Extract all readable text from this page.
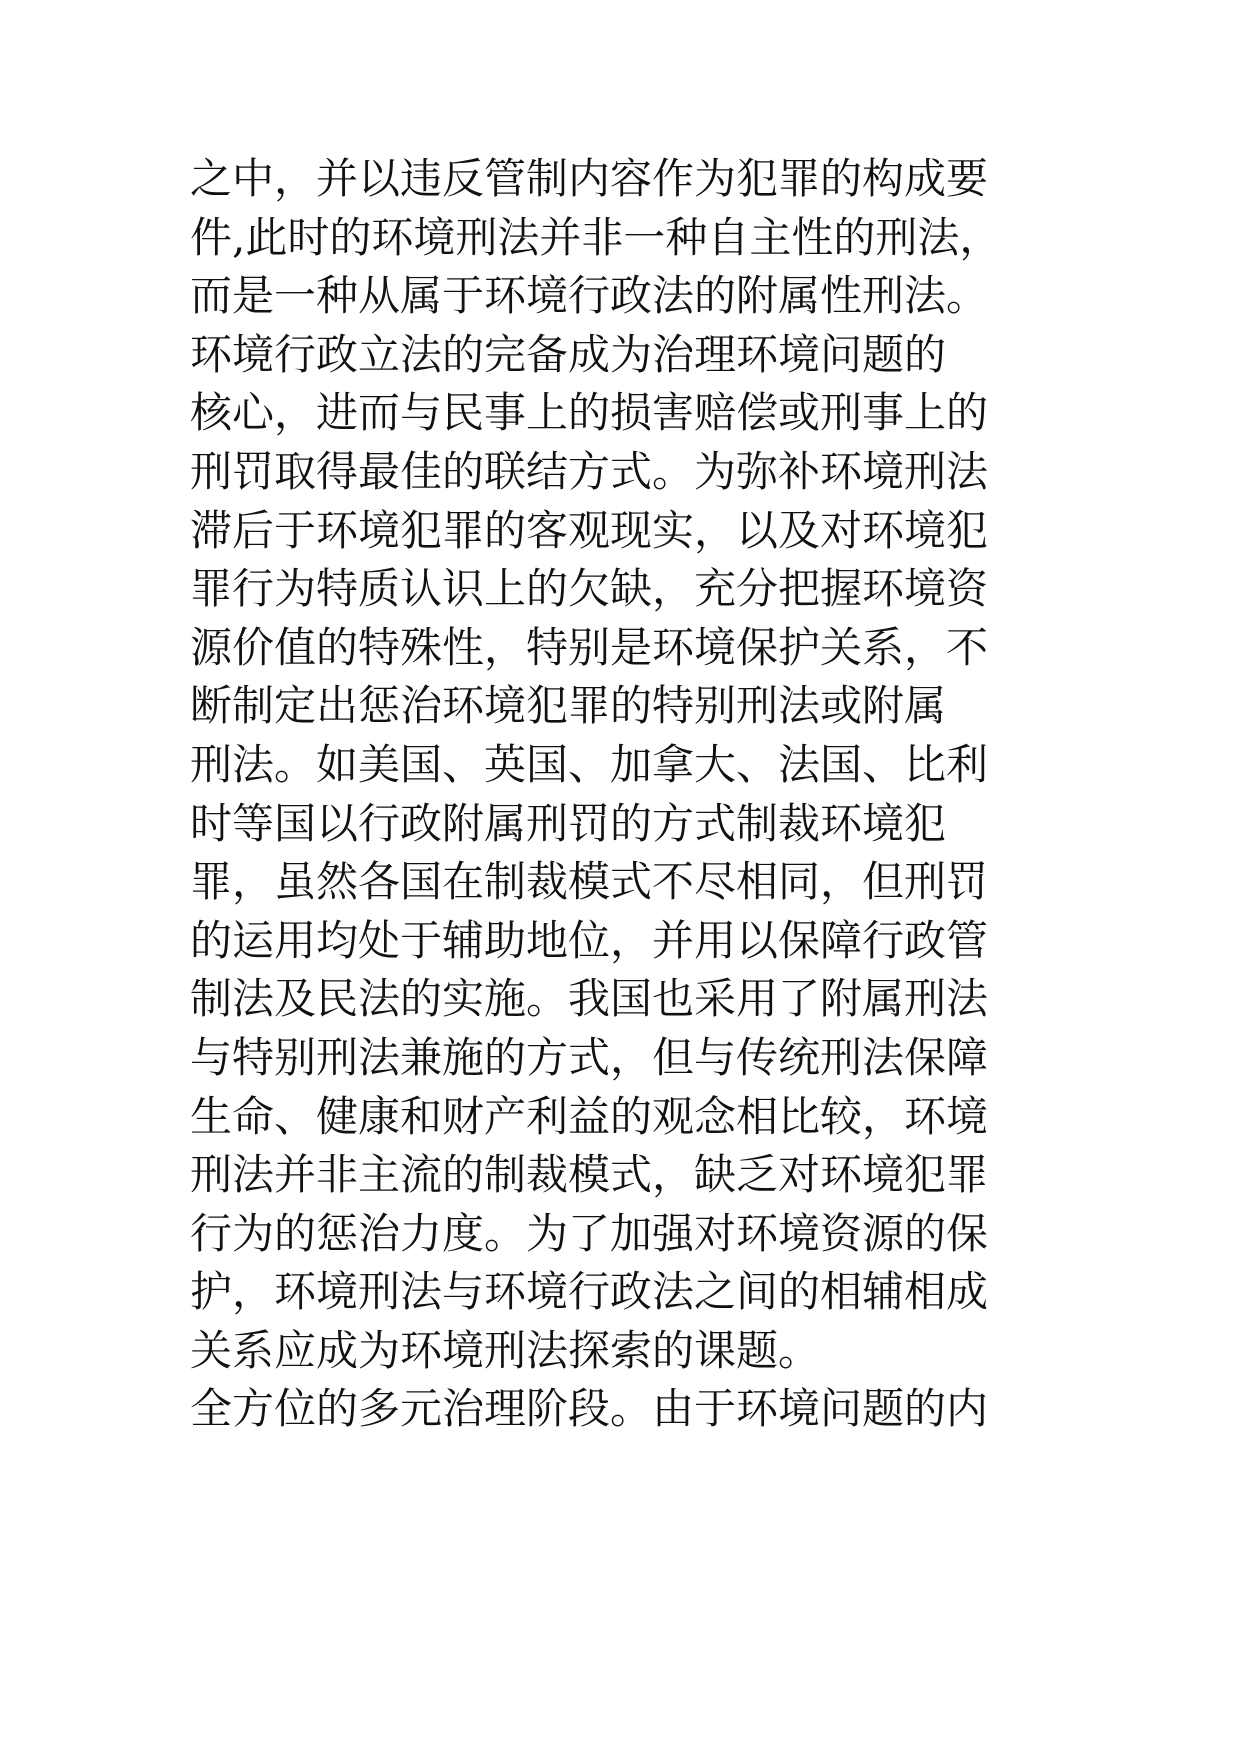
之中，并以违反管制内容作为犯罪的构成要
件,此时的环境刑法并非一种自主性的刑法，
而是一种从属于环境行政法的附属性刑法。
环境行政立法的完备成为治理环境问题的
核心，进而与民事上的损害赔偿或刑事上的
刑罚取得最佳的联结方式。为弥补环境刑法
滞后于环境犯罪的客观现实，以及对环境犯
罪行为特质认识上的欠缺，充分把握环境资
源价值的特殊性，特别是环境保护关系，不
断制定出惩治环境犯罪的特别刑法或附属
刑法。如美国、英国、加拿大、法国、比利
时等国以行政附属刑罚的方式制裁环境犯
罪，虽然各国在制裁模式不尽相同，但刑罚
的运用均处于辅助地位，并用以保障行政管
制法及民法的实施。我国也采用了附属刑法
与特别刑法兼施的方式，但与传统刑法保障
生命、健康和财产利益的观念相比较，环境
刑法并非主流的制裁模式，缺乏对环境犯罪
行为的惩治力度。为了加强对环境资源的保
护，环境刑法与环境行政法之间的相辅相成
关系应成为环境刑法探索的课题。
全方位的多元治理阶段。由于环境问题的内
